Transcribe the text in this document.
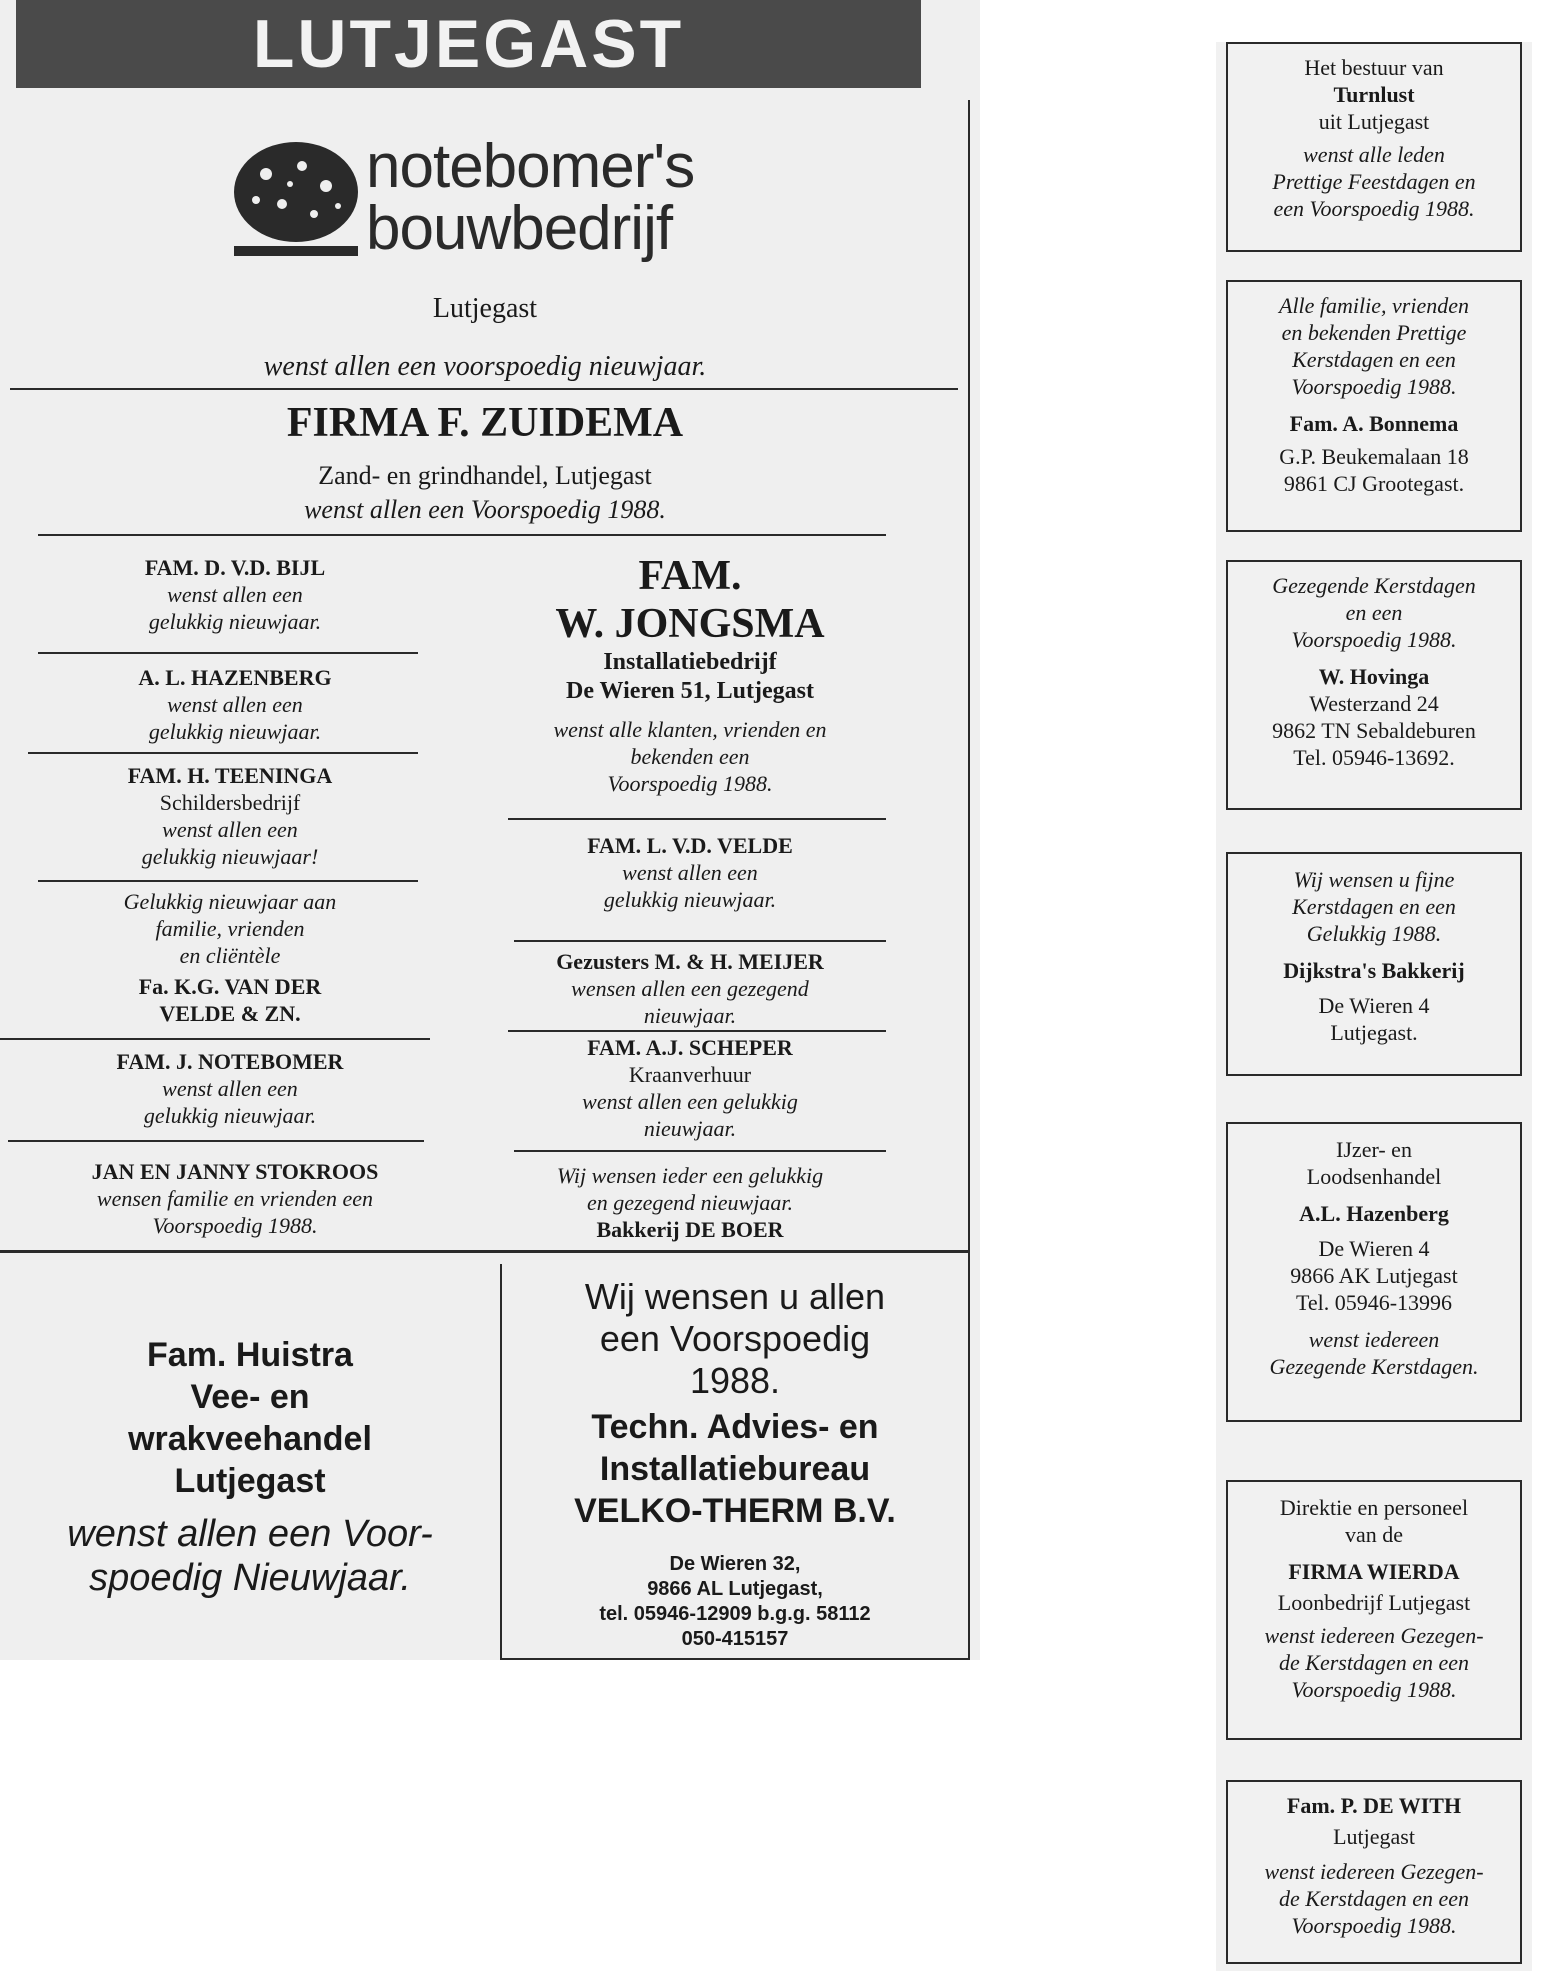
LUTJEGAST
notebomer's
bouwbedrijf
Lutjegast
wenst allen een voorspoedig nieuwjaar.
FIRMA F. ZUIDEMA
Zand- en grindhandel, Lutjegast
wenst allen een Voorspoedig 1988.
FAM. D. V.D. BIJL
wenst allen een
gelukkig nieuwjaar.
A. L. HAZENBERG
wenst allen een
gelukkig nieuwjaar.
FAM. H. TEENINGA
Schildersbedrijf
wenst allen een
gelukkig nieuwjaar!
Gelukkig nieuwjaar aan
familie, vrienden
en cliëntèle
Fa. K.G. VAN DER
VELDE & ZN.
FAM. J. NOTEBOMER
wenst allen een
gelukkig nieuwjaar.
JAN EN JANNY STOKROOS
wensen familie en vrienden een
Voorspoedig 1988.
FAM.
W. JONGSMA
Installatiebedrijf
De Wieren 51, Lutjegast
wenst alle klanten, vrienden en
bekenden een
Voorspoedig 1988.
FAM. L. V.D. VELDE
wenst allen een
gelukkig nieuwjaar.
Gezusters M. & H. MEIJER
wensen allen een gezegend
nieuwjaar.
FAM. A.J. SCHEPER
Kraanverhuur
wenst allen een gelukkig
nieuwjaar.
Wij wensen ieder een gelukkig
en gezegend nieuwjaar.
Bakkerij DE BOER
Fam. Huistra
Vee- en
wrakveehandel
Lutjegast
wenst allen een Voor-
spoedig Nieuwjaar.
Wij wensen u allen
een Voorspoedig
1988.
Techn. Advies- en
Installatiebureau
VELKO-THERM B.V.
De Wieren 32,
9866 AL Lutjegast,
tel. 05946-12909 b.g.g. 58112
050-415157
Het bestuur van
Turnlust
uit Lutjegast
wenst alle leden
Prettige Feestdagen en
een Voorspoedig 1988.
Alle familie, vrienden
en bekenden Prettige
Kerstdagen en een
Voorspoedig 1988.
Fam. A. Bonnema
G.P. Beukemalaan 18
9861 CJ Grootegast.
Gezegende Kerstdagen
en een
Voorspoedig 1988.
W. Hovinga
Westerzand 24
9862 TN Sebaldeburen
Tel. 05946-13692.
Wij wensen u fijne
Kerstdagen en een
Gelukkig 1988.
Dijkstra's Bakkerij
De Wieren 4
Lutjegast.
IJzer- en
Loodsenhandel
A.L. Hazenberg
De Wieren 4
9866 AK Lutjegast
Tel. 05946-13996
wenst iedereen
Gezegende Kerstdagen.
Direktie en personeel
van de
FIRMA WIERDA
Loonbedrijf Lutjegast
wenst iedereen Gezegen-
de Kerstdagen en een
Voorspoedig 1988.
Fam. P. DE WITH
Lutjegast
wenst iedereen Gezegen-
de Kerstdagen en een
Voorspoedig 1988.
